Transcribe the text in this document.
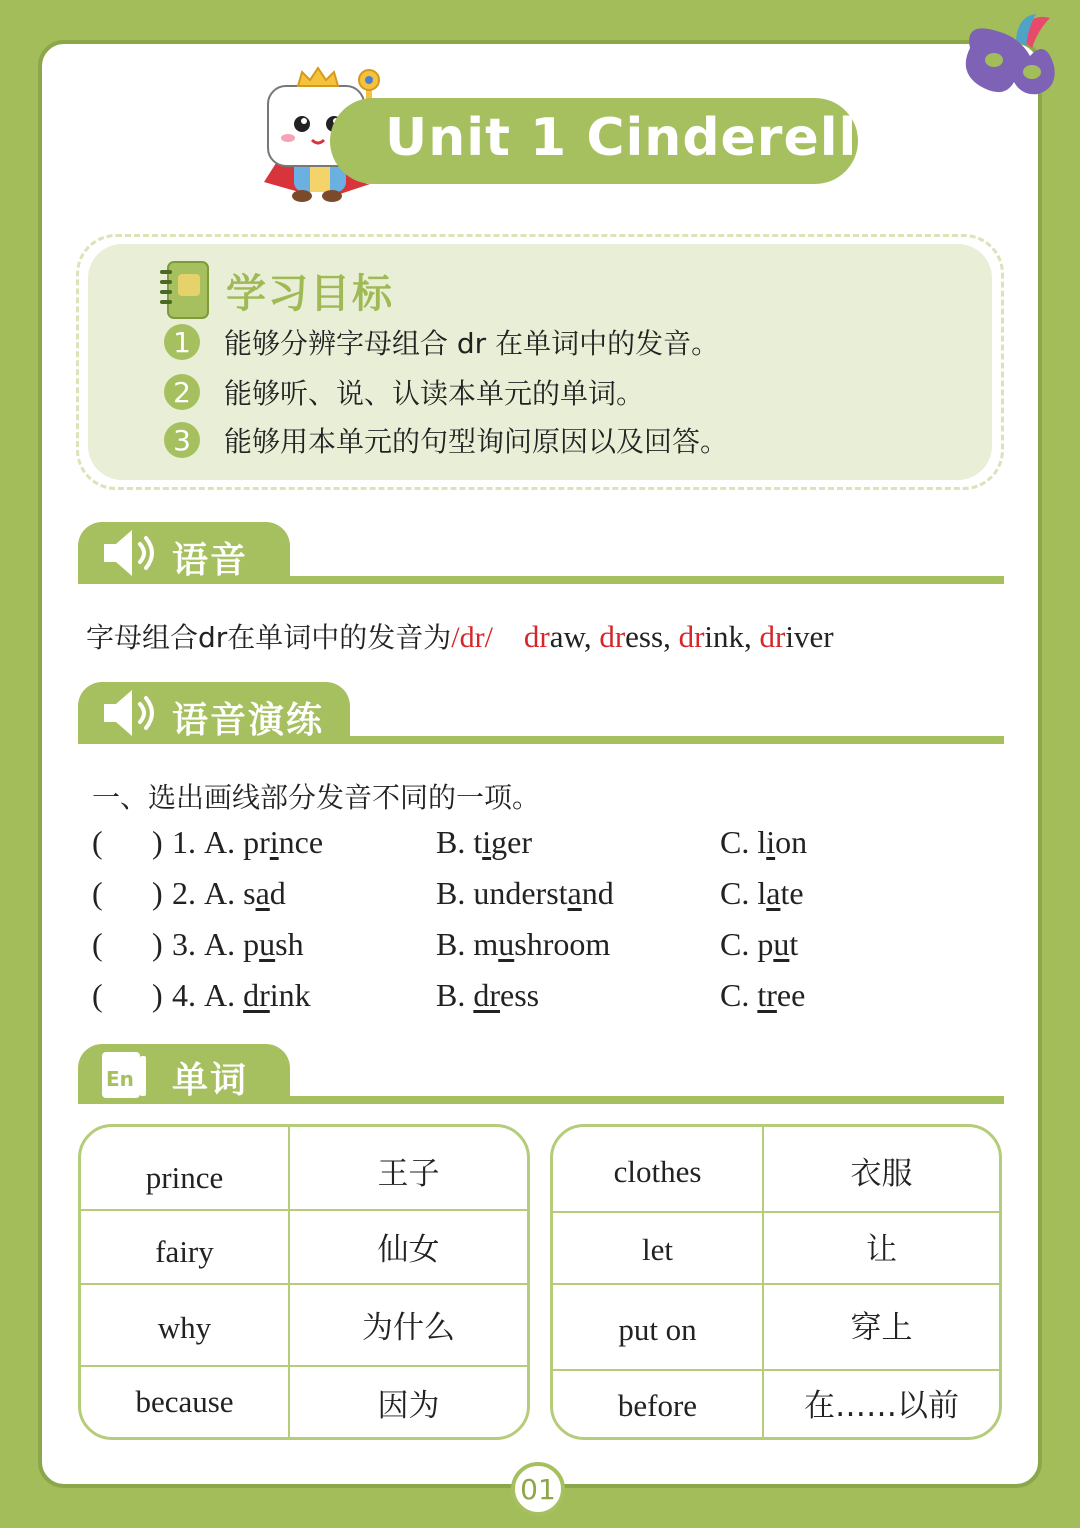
Unit 1 Cinderella
学习目标
1	能够分辨字母组合 dr 在单词中的发音。
2	能够听、说、认读本单元的单词。
3	能够用本单元的句型询问原因以及回答。
语音
字母组合dr在单词中的发音为/dr/ draw, dress, drink, driver
语音演练
一、选出画线部分发音不同的一项。
( ) 1. A. prince	B. tiger	C. lion
( ) 2. A. sad	B. understand	C. late
( ) 3. A. push	B. mushroom	C. put
( ) 4. A. drink	B. dress	C. tree
En 单词
prince	王子
fairy	仙女
why	为什么
because	因为
clothes	衣服
let	让
put on	穿上
before	在……以前
01
